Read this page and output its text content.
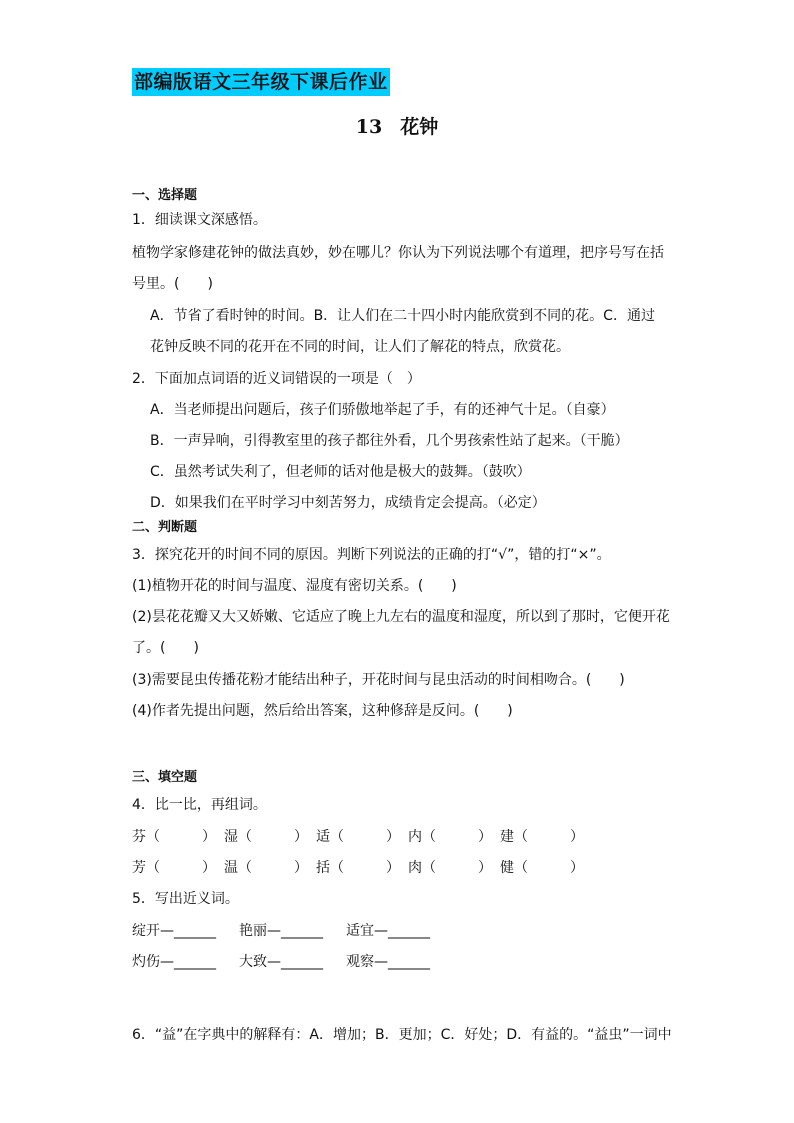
部编版语文三年级下课后作业
13 花钟
一、选择题
1．细读课文深感悟。
植物学家修建花钟的做法真妙，妙在哪儿？你认为下列说法哪个有道理，把序号写在括
号里。(　　)
A．节省了看时钟的时间。B．让人们在二十四小时内能欣赏到不同的花。C．通过
花钟反映不同的花开在不同的时间，让人们了解花的特点，欣赏花。
2．下面加点词语的近义词错误的一项是（　）
A．当老师提出问题后，孩子们骄傲地举起了手，有的还神气十足。（自豪）
B．一声异响，引得教室里的孩子都往外看，几个男孩索性站了起来。（干脆）
C．虽然考试失利了，但老师的话对他是极大的鼓舞。（鼓吹）
D．如果我们在平时学习中刻苦努力，成绩肯定会提高。（必定）
二、判断题
3．探究花开的时间不同的原因。判断下列说法的正确的打“√”，错的打“×”。
(1)植物开花的时间与温度、湿度有密切关系。(　　)
(2)昙花花瓣又大又娇嫩、它适应了晚上九左右的温度和湿度，所以到了那时，它便开花
了。(　　)
(3)需要昆虫传播花粉才能结出种子，开花时间与昆虫活动的时间相吻合。(　　)
(4)作者先提出问题，然后给出答案，这种修辞是反问。(　　)
三、填空题
4．比一比，再组词。
芬（　　　） 湿（　　　） 适（　　　） 内（　　　） 建（　　　）
芳（　　　） 温（　　　） 括（　　　） 肉（　　　） 健（　　　）
5．写出近义词。
绽开—______ 艳丽—______ 适宜—______
灼伤—______ 大致—______ 观察—______
6．“益”在字典中的解释有：A．增加；B．更加；C．好处；D．有益的。“益虫”一词中
